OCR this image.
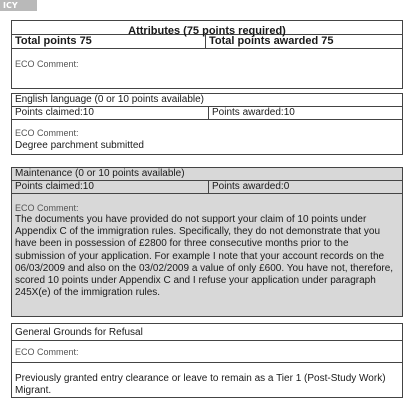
ICY
Attributes (75 points required)
Total points 75	Total points awarded 75
ECO Comment:
English language (0 or 10 points available)
Points claimed:10	Points awarded:10
ECO Comment:
Degree parchment submitted
Maintenance (0 or 10 points available)
Points claimed:10	Points awarded:0
ECO Comment:
The documents you have provided do not support your claim of 10 points under Appendix C of the immigration rules. Specifically, they do not demonstrate that you have been in possession of £2800 for three consecutive months prior to the submission of your application. For example I note that your account records on the 06/03/2009 and also on the 03/02/2009 a value of only £600. You have not, therefore, scored 10 points under Appendix C and I refuse your application under paragraph 245X(e) of the immigration rules.
General Grounds for Refusal
ECO Comment:
Previously granted entry clearance or leave to remain as a Tier 1 (Post-Study Work) Migrant.
